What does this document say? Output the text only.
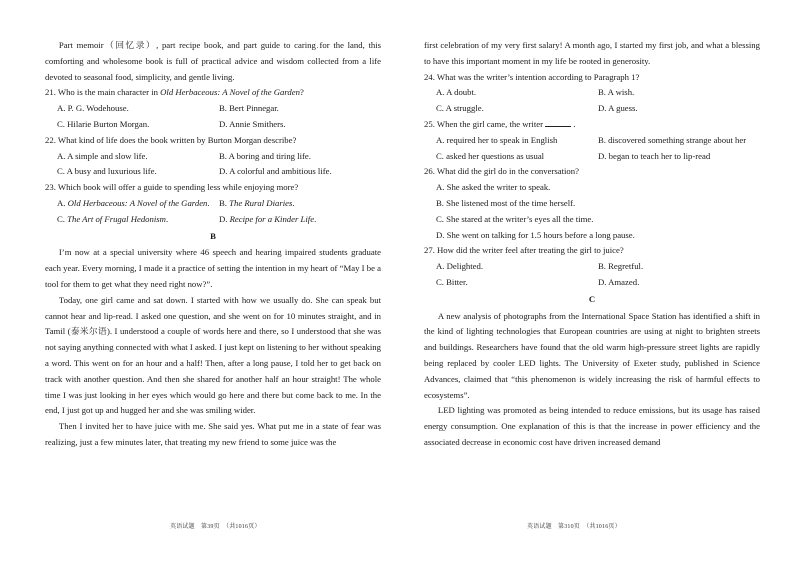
Part memoir（回忆录）, part recipe book, and part guide to caring for the land, this comforting and wholesome book is full of practical advice and wisdom collected from a life devoted to seasonal food, simplicity, and gentle living.

21. Who is the main character in Old Herbaceous: A Novel of the Garden?

A. P. G. Wodehouse.	B. Bert Pinnegar.
C. Hilarie Burton Morgan.	D. Annie Smithers.

22. What kind of life does the book written by Burton Morgan describe?

A. A simple and slow life.	B. A boring and tiring life.
C. A busy and luxurious life.	D. A colorful and ambitious life.

23. Which book will offer a guide to spending less while enjoying more?

A. Old Herbaceous: A Novel of the Garden.	B. The Rural Diaries.
C. The Art of Frugal Hedonism.	D. Recipe for a Kinder Life.
B

I’m now at a special university where 46 speech and hearing impaired students graduate each year. Every morning, I made it a practice of setting the intention in my heart of “May I be a tool for them to get what they need right now?”.

Today, one girl came and sat down. I started with how we usually do. She can speak but cannot hear and lip-read. I asked one question, and she went on for 10 minutes straight, and in Tamil (泰米尔语). I understood a couple of words here and there, so I understood that she was not saying anything connected with what I asked. I just kept on listening to her without speaking a word. This went on for an hour and a half! Then, after a long pause, I told her to get back on track with another question. And then she shared for another half an hour straight! The whole time I was just looking in her eyes which would go here and there but come back to me. In the end, I just got up and hugged her and she was smiling wider.

Then I invited her to have juice with me. She said yes. What put me in a state of fear was realizing, just a few minutes later, that treating my new friend to some juice was the

first celebration of my very first salary! A month ago, I started my first job, and what a blessing to have this important moment in my life be rooted in generosity.

24. What was the writer’s intention according to Paragraph 1?

A. A doubt.	B. A wish.
C. A struggle.	D. A guess.

25. When the girl came, the writer	.

A. required her to speak in English	B. discovered something strange about her
C. asked her questions as usual	D. began to teach her to lip-read

26. What did the girl do in the conversation?

A. She asked the writer to speak.
B. She listened most of the time herself.
C. She stared at the writer’s eyes all the time.
D. She went on talking for 1.5 hours before a long pause.

27. How did the writer feel after treating the girl to juice?

A. Delighted.	B. Regretful.
C. Bitter.	D. Amazed.
C

A new analysis of photographs from the International Space Station has identified a shift in the kind of lighting technologies that European countries are using at night to brighten streets and buildings. Researchers have found that the old warm high-pressure street lights are rapidly being replaced by cooler LED lights. The University of Exeter study, published in Science Advances, claimed that “this phenomenon is widely increasing the risk of harmful effects to ecosystems”.

LED lighting was promoted as being intended to reduce emissions, but its usage has raised energy consumption. One explanation of this is that the increase in power efficiency and the associated decrease in economic cost have driven increased demand

英语试题　第39页　（共1016页）	英语试题　第310页　（共1016页）
